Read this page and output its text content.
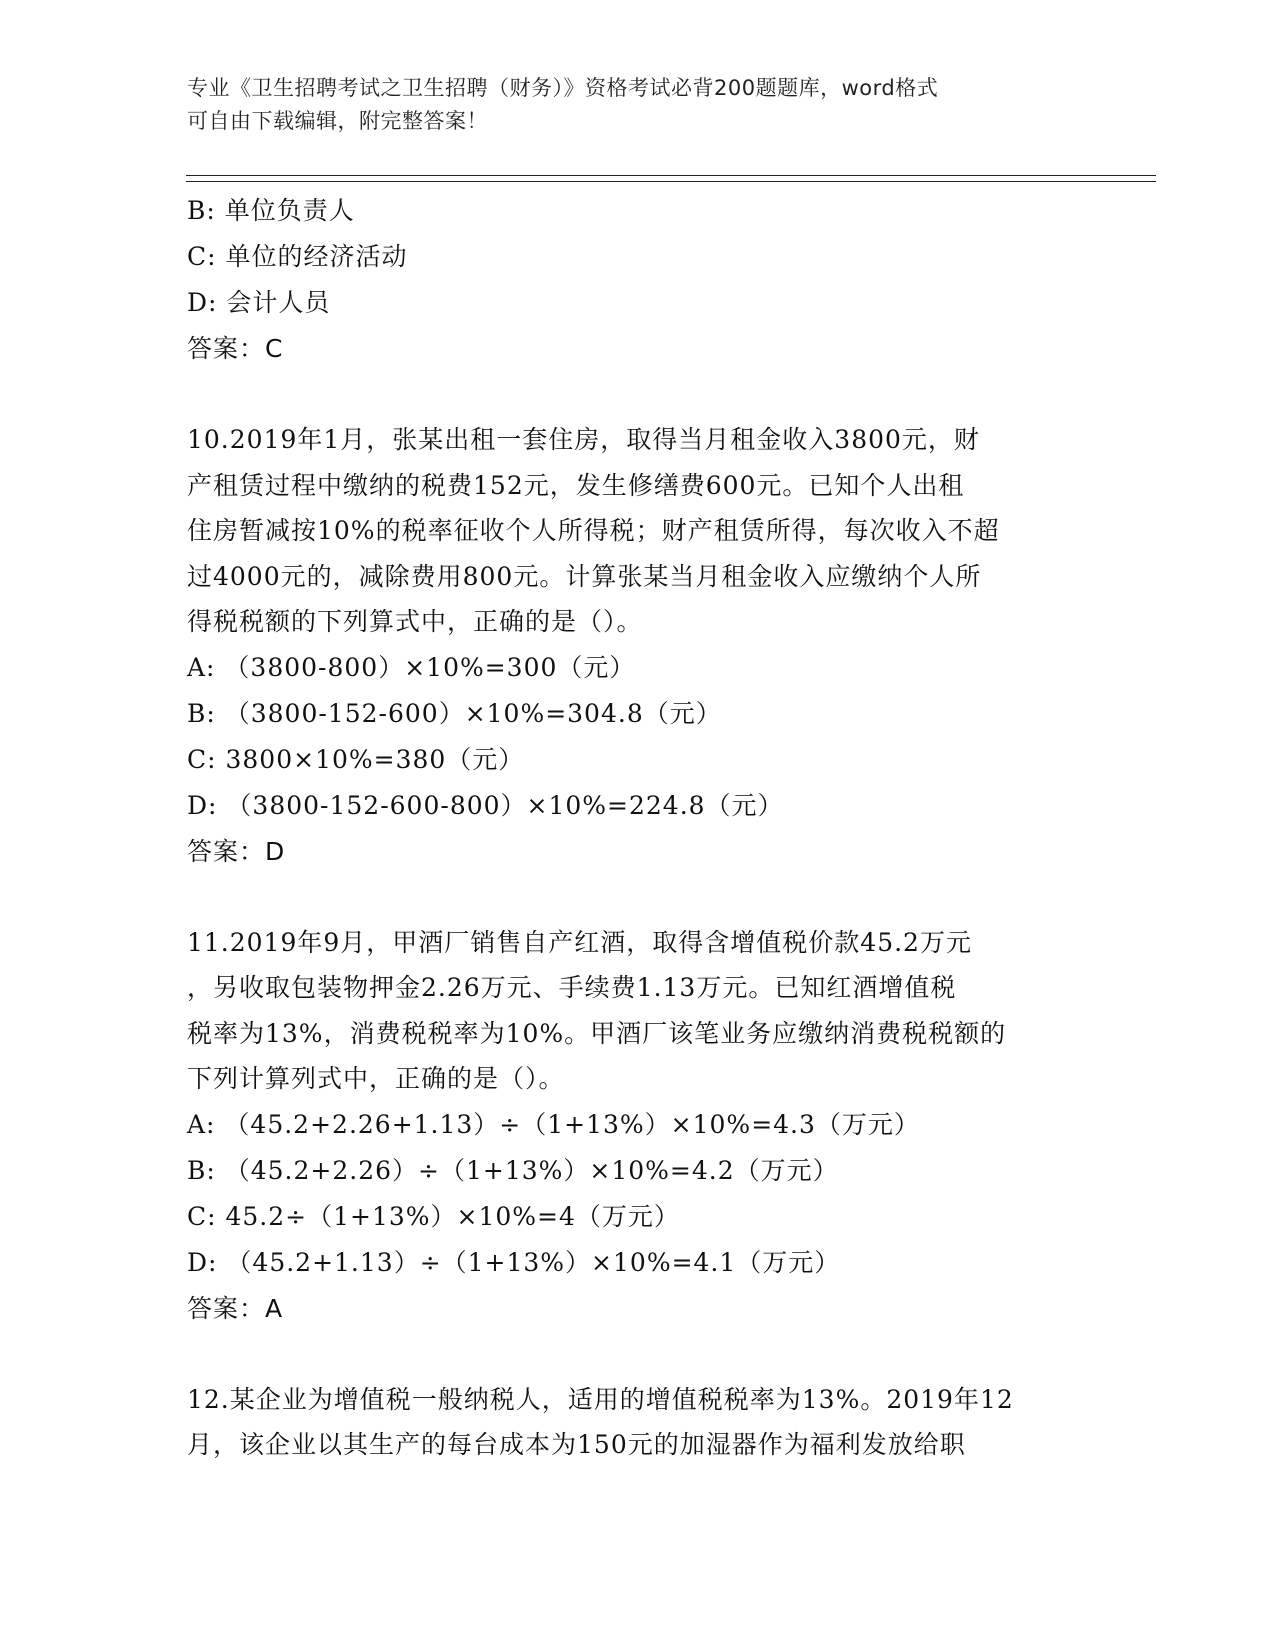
专业《卫生招聘考试之卫生招聘（财务）》资格考试必背200题题库，word格式
可自由下载编辑，附完整答案！
B: 单位负责人
C: 单位的经济活动
D: 会计人员
答案：C
10.2019年1月，张某出租一套住房，取得当月租金收入3800元，财
产租赁过程中缴纳的税费152元，发生修缮费600元。已知个人出租
住房暂减按10%的税率征收个人所得税；财产租赁所得，每次收入不超
过4000元的，减除费用800元。计算张某当月租金收入应缴纳个人所
得税税额的下列算式中，正确的是（）。
A: （3800-800）×10%=300（元）
B: （3800-152-600）×10%=304.8（元）
C: 3800×10%=380（元）
D: （3800-152-600-800）×10%=224.8（元）
答案：D
11.2019年9月，甲酒厂销售自产红酒，取得含增值税价款45.2万元
，另收取包装物押金2.26万元、手续费1.13万元。已知红酒增值税
税率为13%，消费税税率为10%。甲酒厂该笔业务应缴纳消费税税额的
下列计算列式中，正确的是（）。
A: （45.2+2.26+1.13）÷（1+13%）×10%=4.3（万元）
B: （45.2+2.26）÷（1+13%）×10%=4.2（万元）
C: 45.2÷（1+13%）×10%=4（万元）
D: （45.2+1.13）÷（1+13%）×10%=4.1（万元）
答案：A
12.某企业为增值税一般纳税人，适用的增值税税率为13%。2019年12
月，该企业以其生产的每台成本为150元的加湿器作为福利发放给职
